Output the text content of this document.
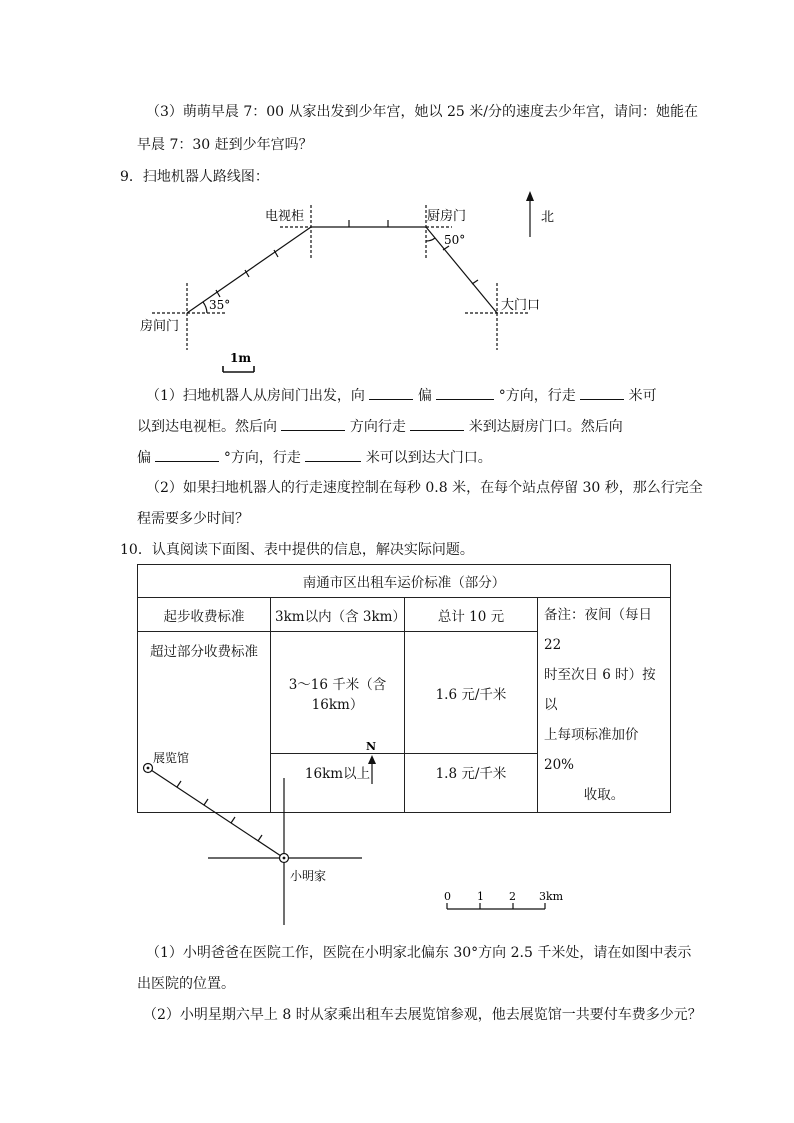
（3）萌萌早晨 7：00 从家出发到少年宫，她以 25 米/分的速度去少年宫，请问：她能在
早晨 7：30 赶到少年宫吗？
9．扫地机器人路线图：
电视柜	厨房门
房间门
大门口
35°
50°
北
1m
（1）扫地机器人从房间门出发，向	偏	°方向，行走	米可
以到达电视柜。然后向	方向行走	米到达厨房门口。然后向
偏	°方向，行走	米可以到达大门口。
（2）如果扫地机器人的行走速度控制在每秒 0.8 米，在每个站点停留 30 秒，那么行完全
程需要多少时间？
10．认真阅读下面图、表中提供的信息，解决实际问题。
南通市区出租车运价标准（部分）			
起步收费标准	3km以内（含 3km）	总计 10 元	备注：夜间（每日 22
时至次日 6 时）按以
上每项标准加价 20%
收取。

超过部分收费标准	3～16 千米（含 16km）	1.6 元/千米	
	16km以上	1.8 元/千米	
展览馆
小明家
N
0 1 2 3km
（1）小明爸爸在医院工作，医院在小明家北偏东 30°方向 2.5 千米处，请在如图中表示
出医院的位置。
（2）小明星期六早上 8 时从家乘出租车去展览馆参观，他去展览馆一共要付车费多少元？
